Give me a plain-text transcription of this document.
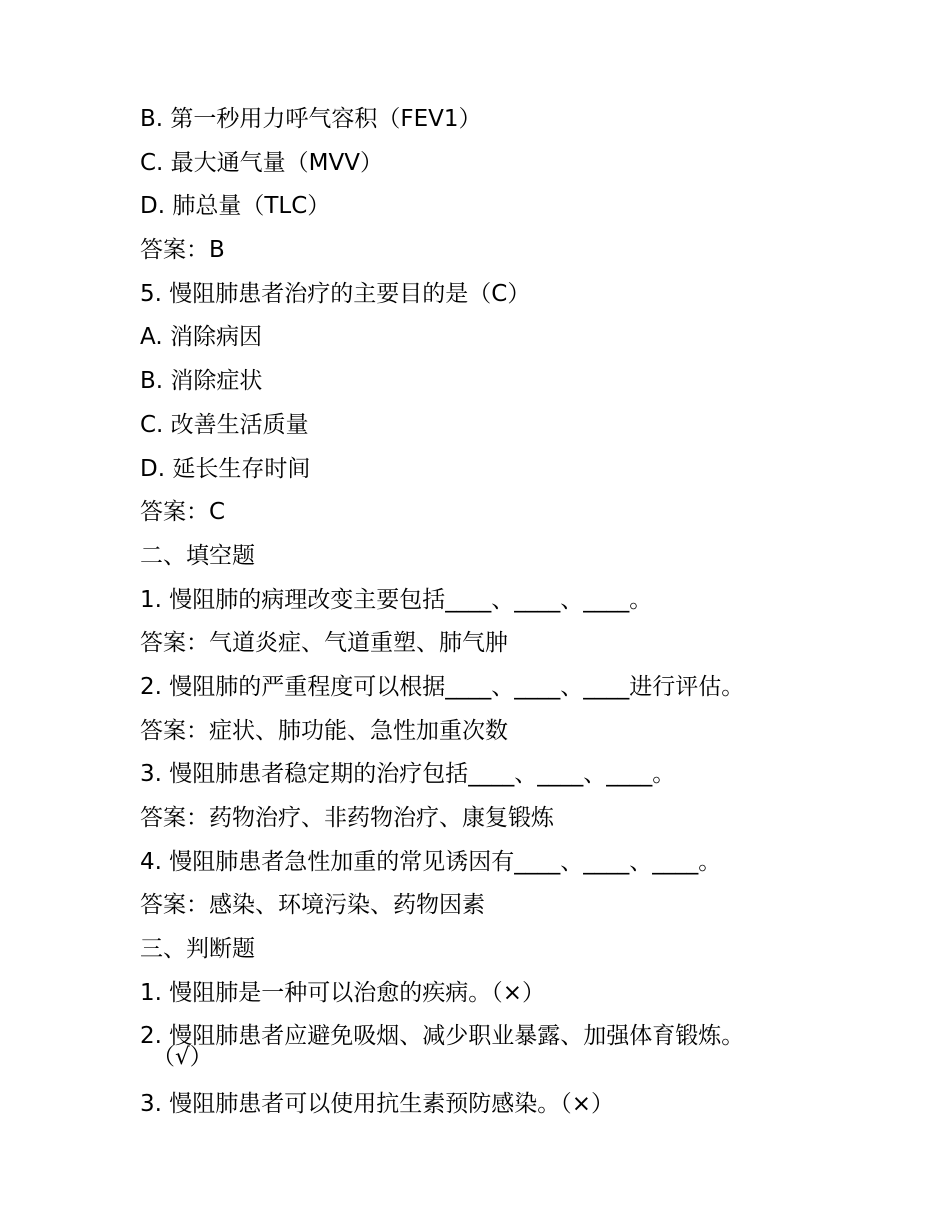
B. 第一秒用力呼气容积（FEV1）
C. 最大通气量（MVV）
D. 肺总量（TLC）
答案：B
5. 慢阻肺患者治疗的主要目的是（C）
A. 消除病因
B. 消除症状
C. 改善生活质量
D. 延长生存时间
答案：C
二、填空题
1. 慢阻肺的病理改变主要包括____、____、____。
答案：气道炎症、气道重塑、肺气肿
2. 慢阻肺的严重程度可以根据____、____、____进行评估。
答案：症状、肺功能、急性加重次数
3. 慢阻肺患者稳定期的治疗包括____、____、____。
答案：药物治疗、非药物治疗、康复锻炼
4. 慢阻肺患者急性加重的常见诱因有____、____、____。
答案：感染、环境污染、药物因素
三、判断题
1. 慢阻肺是一种可以治愈的疾病。（×）
2. 慢阻肺患者应避免吸烟、减少职业暴露、加强体育锻炼。
（√）
3. 慢阻肺患者可以使用抗生素预防感染。（×）
